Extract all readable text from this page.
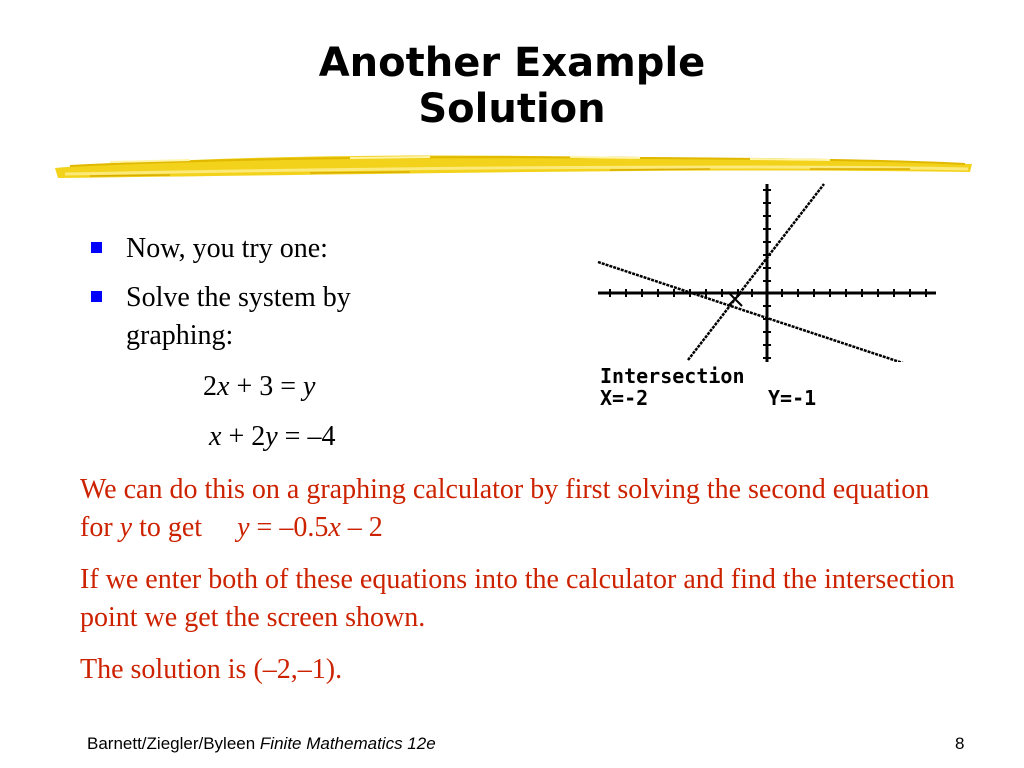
Another Example
Solution
Now, you try one:
Solve the system by graphing:
2x + 3 = y
x + 2y = –4
Intersection
X=-2	Y=-1

We can do this on a graphing calculator by first solving the second equation for y to get y = –0.5x – 2

If we enter both of these equations into the calculator and find the intersection point we get the screen shown.

The solution is (–2,–1).

Barnett/Ziegler/Byleen Finite Mathematics 12e	8
